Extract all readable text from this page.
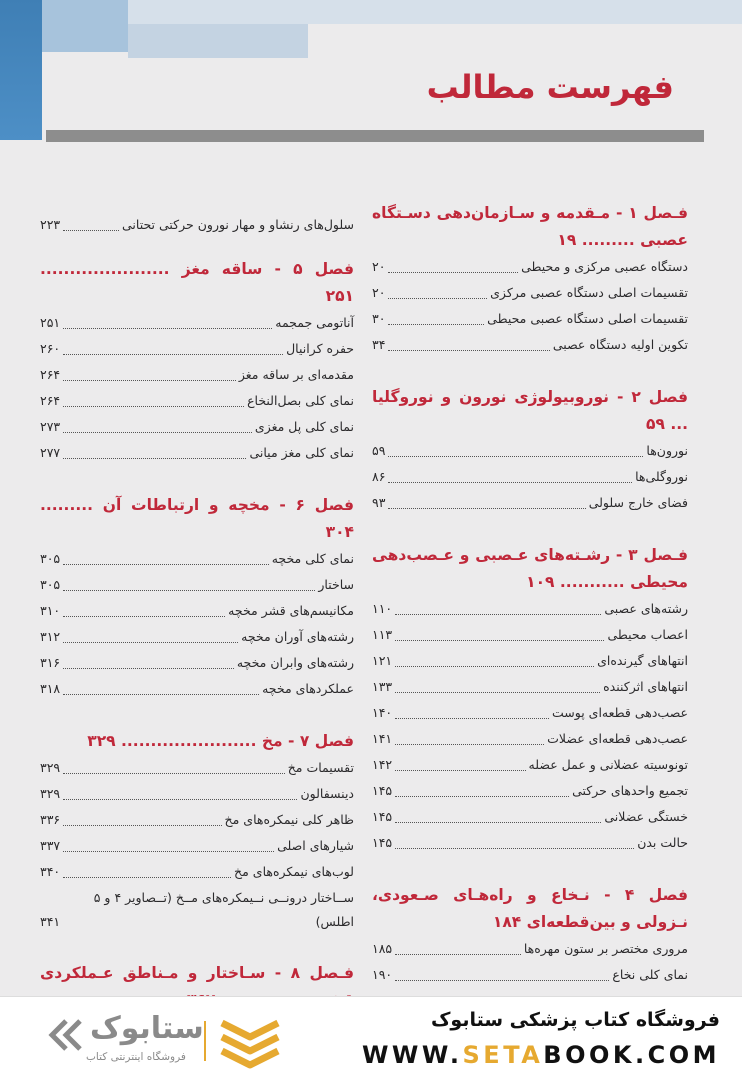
فهرست مطالب
فـصل ۱ - مـقدمه و سـازمان‌دهی دسـتگاه عصبی ......... ۱۹
دستگاه عصبی مرکزی و محیطی
۲۰
تقسیمات اصلی دستگاه عصبی مرکزی
۲۰
تقسیمات اصلی دستگاه عصبی محیطی
۳۰
تکوین اولیه دستگاه عصبی
۳۴
فصل ۲ - نوروبیولوژی نورون و نوروگلیا ... ۵۹
نورون‌ها
۵۹
نوروگلی‌ها
۸۶
فضای خارج سلولی
۹۳
فـصل ۳ - رشـته‌های عـصبی و عـصب‌دهی محیطی ........... ۱۰۹
رشته‌های عصبی
۱۱۰
اعصاب محیطی
۱۱۳
انتهاهای گیرنده‌ای
۱۲۱
انتهاهای اثرکننده
۱۳۳
عصب‌دهی قطعه‌ای پوست
۱۴۰
عصب‌دهی قطعه‌ای عضلات
۱۴۱
تونوسیته عضلانی و عمل عضله
۱۴۲
تجمیع واحدهای حرکتی
۱۴۵
خستگی عضلانی
۱۴۵
حالت بدن
۱۴۵
فصل ۴ - نـخاع و راه‌هـای صـعودی، نـزولی و بین‌قطعه‌ای ۱۸۴
مروری مختصر بر ستون مهره‌ها
۱۸۵
نمای کلی نخاع
۱۹۰
سلول‌های رنشاو و مهار نورون حرکتی تحتانی
۲۲۳
فصل ۵ - ساقه مغز ...................... ۲۵۱
آناتومی جمجمه
۲۵۱
حفره کرانیال
۲۶۰
مقدمه‌ای بر ساقه مغز
۲۶۴
نمای کلی بصل‌النخاع
۲۶۴
نمای کلی پل مغزی
۲۷۳
نمای کلی مغز میانی
۲۷۷
فصل ۶ - مخچه و ارتباطات آن ......... ۳۰۴
نمای کلی مخچه
۳۰۵
ساختار
۳۰۵
مکانیسم‌های قشر مخچه
۳۱۰
رشته‌های آوران مخچه
۳۱۲
رشته‌های وابران مخچه
۳۱۶
عملکردهای مخچه
۳۱۸
فصل ۷ - مخ ....................... ۳۲۹
تقسیمات مخ
۳۲۹
دینسفالون
۳۲۹
ظاهر کلی نیمکره‌های مخ
۳۳۶
شیارهای اصلی
۳۳۷
لوب‌های نیمکره‌های مخ
۳۴۰
ســاختار درونــی نــیمکره‌های مــخ (تــصاویر ۴ و ۵
اطلس)
۳۴۱
فـصل ۸ - سـاختار و مـناطق عـملکردی
ستابوک
فروشگاه اینترنتی کتاب
فروشگاه کتاب پزشکی ستابوک
WWW.SETABOOK.COM
